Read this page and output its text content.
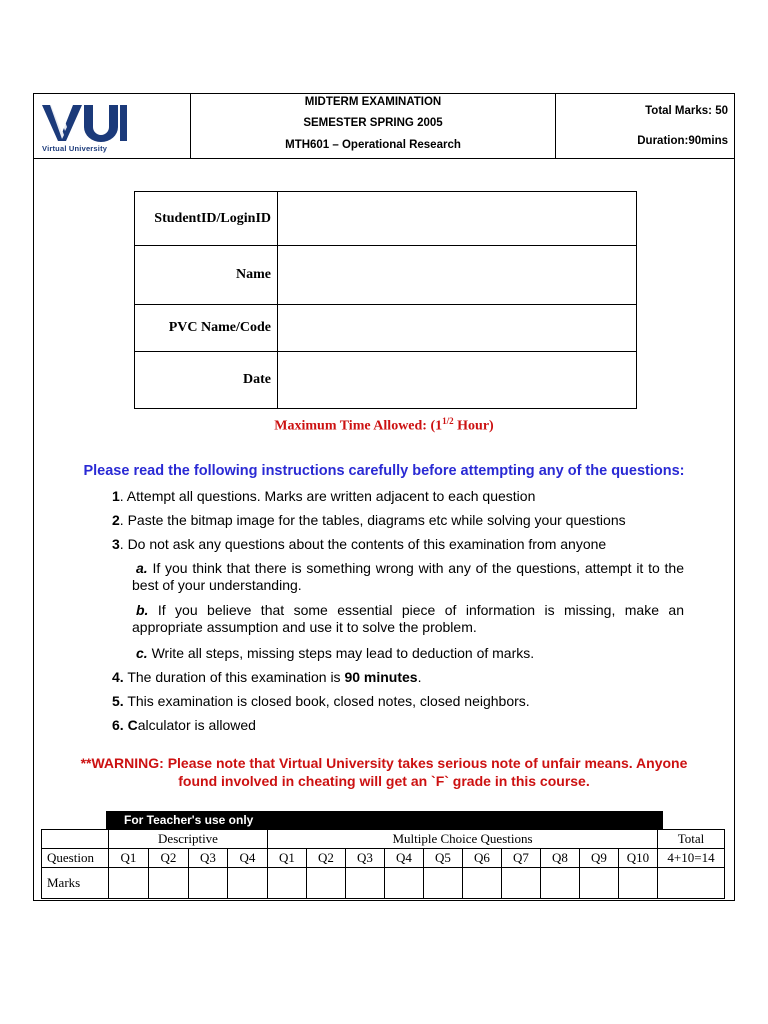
Virtual University
MIDTERM EXAMINATION
SEMESTER SPRING 2005
MTH601 – Operational Research
Total Marks: 50
Duration:90mins
StudentID/LoginID
Name
PVC Name/Code
Date
Maximum Time Allowed: ($1^{1/2}$ Hour)
Please read the following instructions carefully before attempting any of the questions:
1. Attempt all questions. Marks are written adjacent to each question
2. Paste the bitmap image for the tables, diagrams etc while solving your questions
3. Do not ask any questions about the contents of this examination from anyone
a. If you think that there is something wrong with any of the questions, attempt it to the best of your understanding.
b. If you believe that some essential piece of information is missing, make an appropriate assumption and use it to solve the problem.
c. Write all steps, missing steps may lead to deduction of marks.
4. The duration of this examination is 90 minutes.
5. This examination is closed book, closed notes, closed neighbors.
6. Calculator is allowed
**WARNING: Please note that Virtual University takes serious note of unfair means. Anyone
found involved in cheating will get an `F` grade in this course.
For Teacher's use only
	Descriptive				Multiple Choice Questions										Total
Question	Q1	Q2	Q3	Q4	Q1	Q2	Q3	Q4	Q5	Q6	Q7	Q8	Q9	Q10	4+10=14
Marks															
